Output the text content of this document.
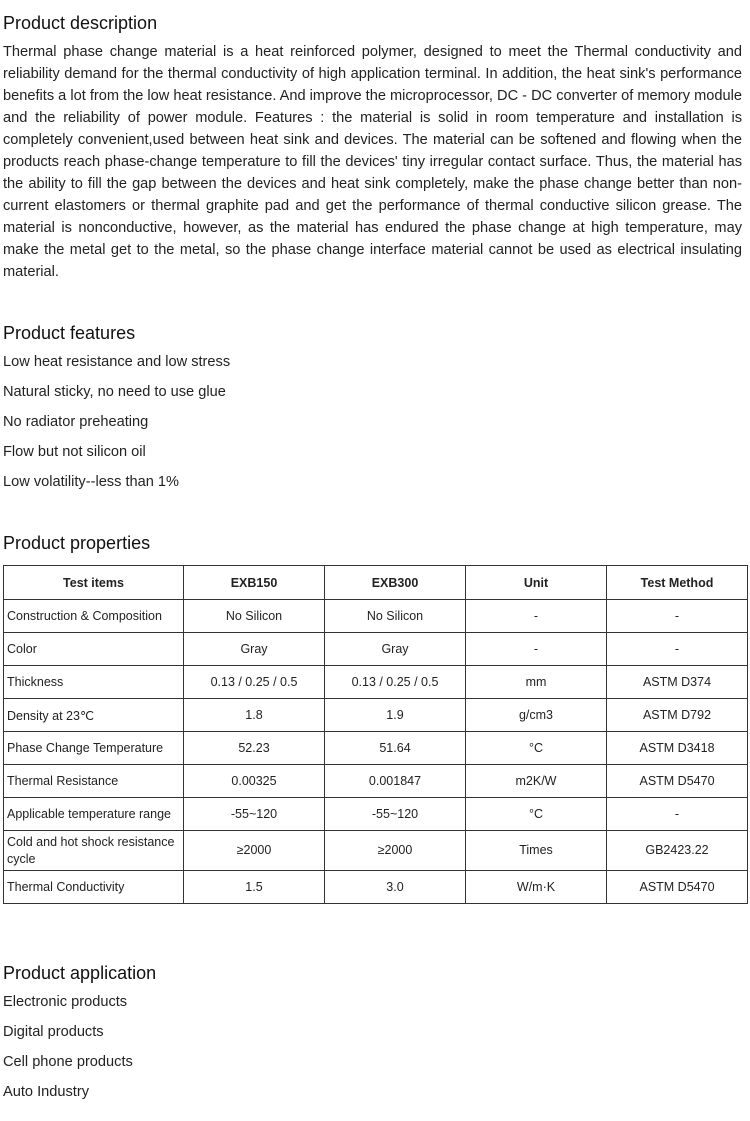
Product description

Thermal phase change material is a heat reinforced polymer, designed to meet the Thermal conductivity and reliability demand for the thermal conductivity of high application terminal. In addition, the heat sink's performance benefits a lot from the low heat resistance. And improve the microprocessor, DC - DC converter of memory module and the reliability of power module. Features : the material is solid in room temperature and installation is completely convenient,used between heat sink and devices. The material can be softened and flowing when the products reach phase-change temperature to fill the devices' tiny irregular contact surface. Thus, the material has the ability to fill the gap between the devices and heat sink completely, make the phase change better than non-current elastomers or thermal graphite pad and get the performance of thermal conductive silicon grease. The material is nonconductive, however, as the material has endured the phase change at high temperature, may make the metal get to the metal, so the phase change interface material cannot be used as electrical insulating material.

Product features
Low heat resistance and low stress
Natural sticky, no need to use glue
No radiator preheating
Flow but not silicon oil
Low volatility--less than 1%
Product properties
Test items	EXB150	EXB300	Unit	Test Method
Construction & Composition	No Silicon	No Silicon	-	-
Color	Gray	Gray	-	-
Thickness	0.13 / 0.25 / 0.5	0.13 / 0.25 / 0.5	mm	ASTM D374
Density at 23℃	1.8	1.9	g/cm3	ASTM D792
Phase Change Temperature	52.23	51.64	°C	ASTM D3418
Thermal Resistance	0.00325	0.001847	m2K/W	ASTM D5470
Applicable temperature range	-55~120	-55~120	°C	-
Cold and hot shock resistance cycle	≥2000	≥2000	Times	GB2423.22
Thermal Conductivity	1.5	3.0	W/m·K	ASTM D5470
Product application
Electronic products
Digital products
Cell phone products
Auto Industry
